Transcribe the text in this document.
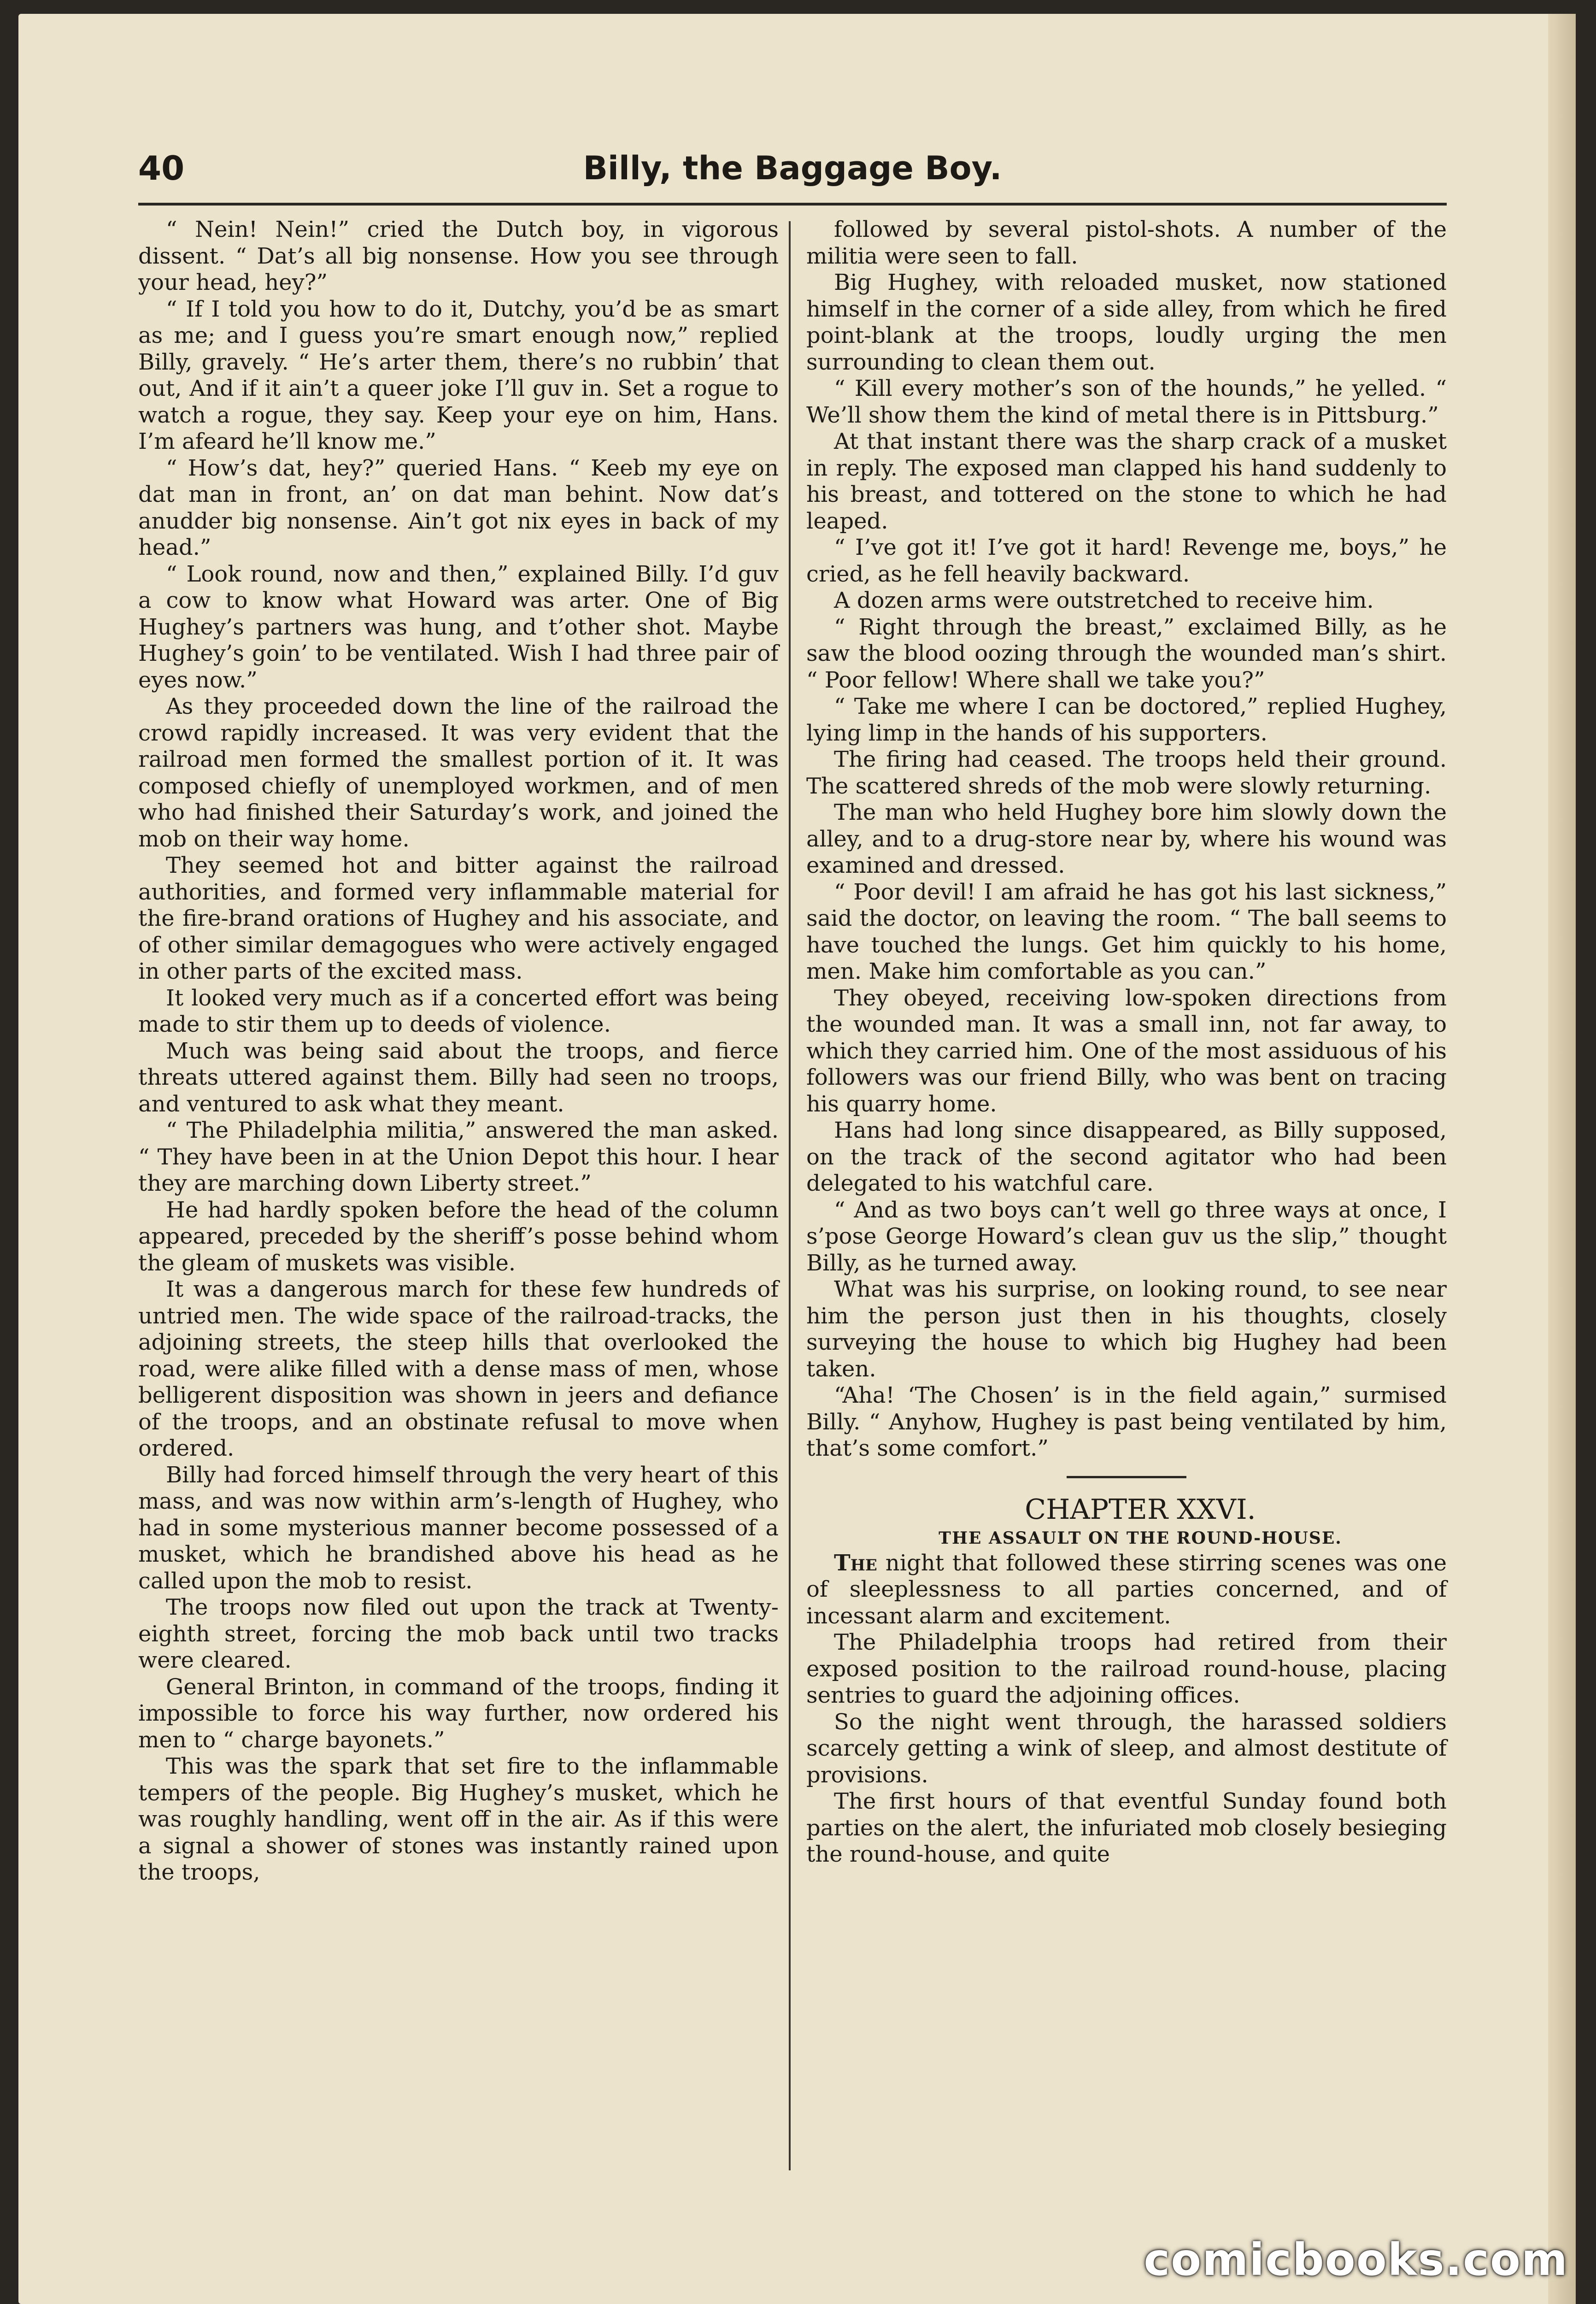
40	Billy, the Baggage Boy.

“ Nein! Nein!” cried the Dutch boy, in vigorous dissent. “ Dat’s all big nonsense. How you see through your head, hey?”

“ If I told you how to do it, Dutchy, you’d be as smart as me; and I guess you’re smart enough now,” replied Billy, gravely. “ He’s arter them, there’s no rubbin’ that out, And if it ain’t a queer joke I’ll guv in. Set a rogue to watch a rogue, they say. Keep your eye on him, Hans. I’m afeard he’ll know me.”

“ How’s dat, hey?” queried Hans. “ Keeb my eye on dat man in front, an’ on dat man behint. Now dat’s anudder big nonsense. Ain’t got nix eyes in back of my head.”

“ Look round, now and then,” explained Billy. I’d guv a cow to know what Howard was arter. One of Big Hughey’s partners was hung, and t’other shot. Maybe Hughey’s goin’ to be ventilated. Wish I had three pair of eyes now.”

As they proceeded down the line of the railroad the crowd rapidly increased. It was very evident that the railroad men formed the smallest portion of it. It was composed chiefly of unemployed workmen, and of men who had finished their Saturday’s work, and joined the mob on their way home.

They seemed hot and bitter against the railroad authorities, and formed very inflammable material for the fire-brand orations of Hughey and his associate, and of other similar demagogues who were actively engaged in other parts of the excited mass.

It looked very much as if a concerted effort was being made to stir them up to deeds of violence.

Much was being said about the troops, and fierce threats uttered against them. Billy had seen no troops, and ventured to ask what they meant.

“ The Philadelphia militia,” answered the man asked. “ They have been in at the Union Depot this hour. I hear they are marching down Liberty street.”

He had hardly spoken before the head of the column appeared, preceded by the sheriff’s posse behind whom the gleam of muskets was visible.

It was a dangerous march for these few hundreds of untried men. The wide space of the railroad-tracks, the adjoining streets, the steep hills that overlooked the road, were alike filled with a dense mass of men, whose belligerent disposition was shown in jeers and defiance of the troops, and an obstinate refusal to move when ordered.

Billy had forced himself through the very heart of this mass, and was now within arm’s-length of Hughey, who had in some mysterious manner become possessed of a musket, which he brandished above his head as he called upon the mob to resist.

The troops now filed out upon the track at Twenty-eighth street, forcing the mob back until two tracks were cleared.

General Brinton, in command of the troops, finding it impossible to force his way further, now ordered his men to “ charge bayonets.”

This was the spark that set fire to the inflammable tempers of the people. Big Hughey’s musket, which he was roughly handling, went off in the air. As if this were a signal a shower of stones was instantly rained upon the troops,

followed by several pistol-shots. A number of the militia were seen to fall.

Big Hughey, with reloaded musket, now stationed himself in the corner of a side alley, from which he fired point-blank at the troops, loudly urging the men surrounding to clean them out.

“ Kill every mother’s son of the hounds,” he yelled. “ We’ll show them the kind of metal there is in Pittsburg.”

At that instant there was the sharp crack of a musket in reply. The exposed man clapped his hand suddenly to his breast, and tottered on the stone to which he had leaped.

“ I’ve got it! I’ve got it hard! Revenge me, boys,” he cried, as he fell heavily backward.

A dozen arms were outstretched to receive him.

“ Right through the breast,” exclaimed Billy, as he saw the blood oozing through the wounded man’s shirt. “ Poor fellow! Where shall we take you?”

“ Take me where I can be doctored,” replied Hughey, lying limp in the hands of his supporters.

The firing had ceased. The troops held their ground. The scattered shreds of the mob were slowly returning.

The man who held Hughey bore him slowly down the alley, and to a drug-store near by, where his wound was examined and dressed.

“ Poor devil! I am afraid he has got his last sickness,” said the doctor, on leaving the room. “ The ball seems to have touched the lungs. Get him quickly to his home, men. Make him comfortable as you can.”

They obeyed, receiving low-spoken directions from the wounded man. It was a small inn, not far away, to which they carried him. One of the most assiduous of his followers was our friend Billy, who was bent on tracing his quarry home.

Hans had long since disappeared, as Billy supposed, on the track of the second agitator who had been delegated to his watchful care.

“ And as two boys can’t well go three ways at once, I s’pose George Howard’s clean guv us the slip,” thought Billy, as he turned away.

What was his surprise, on looking round, to see near him the person just then in his thoughts, closely surveying the house to which big Hughey had been taken.

“Aha! ‘The Chosen’ is in the field again,” surmised Billy. “ Anyhow, Hughey is past being ventilated by him, that’s some comfort.”

CHAPTER XXVI.

THE ASSAULT ON THE ROUND-HOUSE.

The night that followed these stirring scenes was one of sleeplessness to all parties concerned, and of incessant alarm and excitement.

The Philadelphia troops had retired from their exposed position to the railroad round-house, placing sentries to guard the adjoining offices.

So the night went through, the harassed soldiers scarcely getting a wink of sleep, and almost destitute of provisions.

The first hours of that eventful Sunday found both parties on the alert, the infuriated mob closely besieging the round-house, and quite

comicbooks.com
